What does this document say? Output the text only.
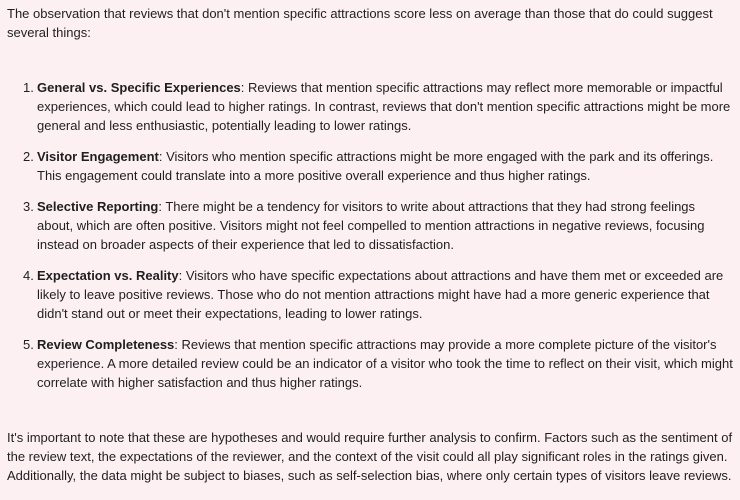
The observation that reviews that don't mention specific attractions score less on average than those that do could suggest several things:

1. General vs. Specific Experiences: Reviews that mention specific attractions may reflect more memorable or impactful experiences, which could lead to higher ratings. In contrast, reviews that don't mention specific attractions might be more general and less enthusiastic, potentially leading to lower ratings.
2. Visitor Engagement: Visitors who mention specific attractions might be more engaged with the park and its offerings. This engagement could translate into a more positive overall experience and thus higher ratings.
3. Selective Reporting: There might be a tendency for visitors to write about attractions that they had strong feelings about, which are often positive. Visitors might not feel compelled to mention attractions in negative reviews, focusing instead on broader aspects of their experience that led to dissatisfaction.
4. Expectation vs. Reality: Visitors who have specific expectations about attractions and have them met or exceeded are likely to leave positive reviews. Those who do not mention attractions might have had a more generic experience that didn't stand out or meet their expectations, leading to lower ratings.
5. Review Completeness: Reviews that mention specific attractions may provide a more complete picture of the visitor's experience. A more detailed review could be an indicator of a visitor who took the time to reflect on their visit, which might correlate with higher satisfaction and thus higher ratings.

It's important to note that these are hypotheses and would require further analysis to confirm. Factors such as the sentiment of the review text, the expectations of the reviewer, and the context of the visit could all play significant roles in the ratings given. Additionally, the data might be subject to biases, such as self-selection bias, where only certain types of visitors leave reviews.
